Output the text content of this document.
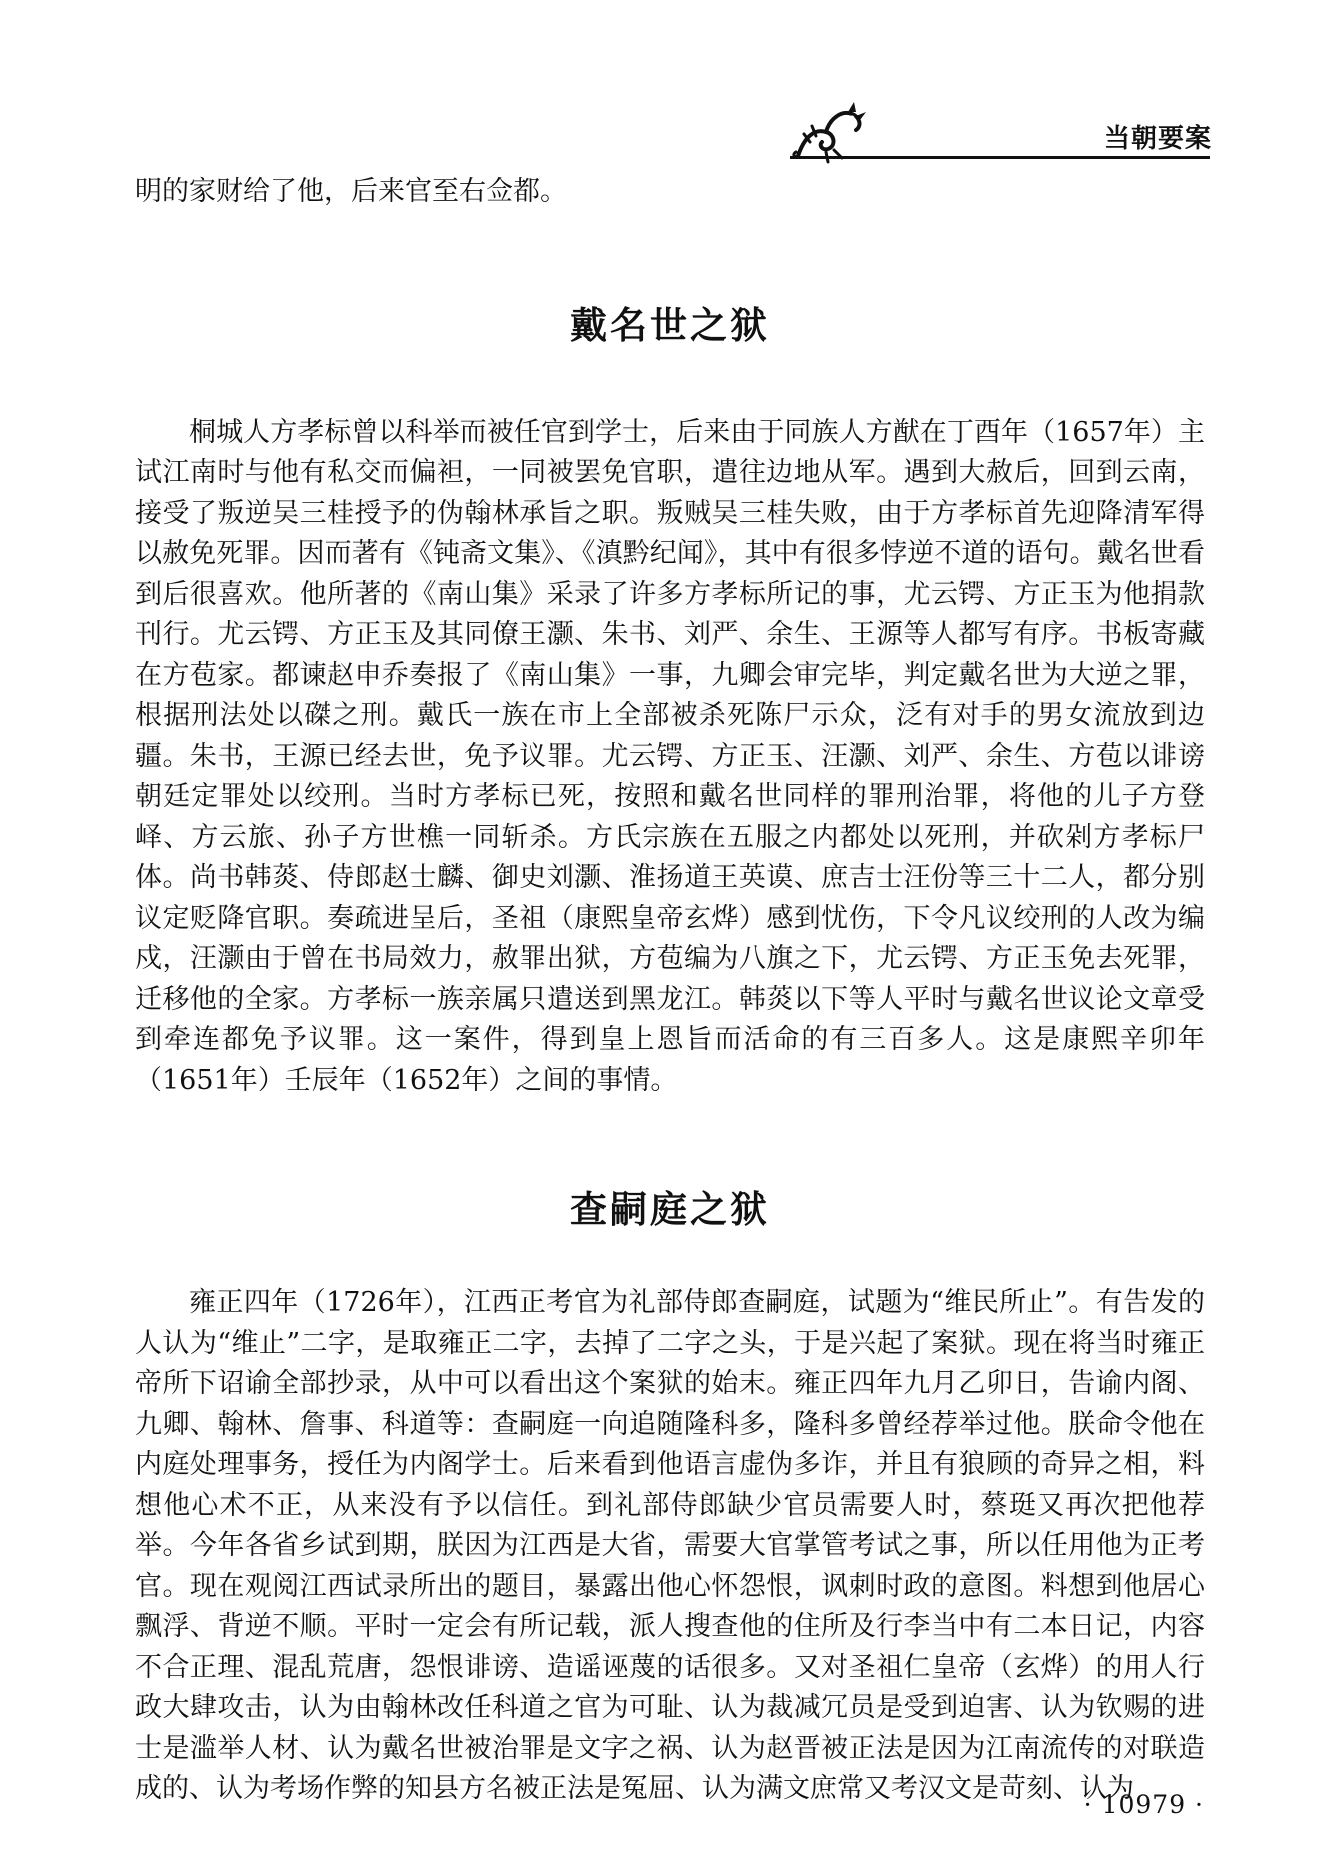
当朝要案

明的家财给了他，后来官至右佥都。

戴名世之狱

桐城人方孝标曾以科举而被任官到学士，后来由于同族人方猷在丁酉年（1657年）主试江南时与他有私交而偏袒，一同被罢免官职，遣往边地从军。遇到大赦后，回到云南，接受了叛逆吴三桂授予的伪翰林承旨之职。叛贼吴三桂失败，由于方孝标首先迎降清军得以赦免死罪。因而著有《钝斋文集》、《滇黔纪闻》，其中有很多悖逆不道的语句。戴名世看到后很喜欢。他所著的《南山集》采录了许多方孝标所记的事，尤云锷、方正玉为他捐款刊行。尤云锷、方正玉及其同僚王灏、朱书、刘严、余生、王源等人都写有序。书板寄藏在方苞家。都谏赵申乔奏报了《南山集》一事，九卿会审完毕，判定戴名世为大逆之罪，根据刑法处以磔之刑。戴氏一族在市上全部被杀死陈尸示众，泛有对手的男女流放到边疆。朱书，王源已经去世，免予议罪。尤云锷、方正玉、汪灏、刘严、余生、方苞以诽谤朝廷定罪处以绞刑。当时方孝标已死，按照和戴名世同样的罪刑治罪，将他的儿子方登峄、方云旅、孙子方世樵一同斩杀。方氏宗族在五服之内都处以死刑，并砍剁方孝标尸体。尚书韩菼、侍郎赵士麟、御史刘灏、淮扬道王英谟、庶吉士汪份等三十二人，都分别议定贬降官职。奏疏进呈后，圣祖（康熙皇帝玄烨）感到忧伤，下令凡议绞刑的人改为编戍，汪灏由于曾在书局效力，赦罪出狱，方苞编为八旗之下，尤云锷、方正玉免去死罪，迁移他的全家。方孝标一族亲属只遣送到黑龙江。韩菼以下等人平时与戴名世议论文章受到牵连都免予议罪。这一案件，得到皇上恩旨而活命的有三百多人。这是康熙辛卯年（1651年）壬辰年（1652年）之间的事情。

查嗣庭之狱

雍正四年（1726年），江西正考官为礼部侍郎查嗣庭，试题为“维民所止”。有告发的人认为“维止”二字，是取雍正二字，去掉了二字之头，于是兴起了案狱。现在将当时雍正帝所下诏谕全部抄录，从中可以看出这个案狱的始末。雍正四年九月乙卯日，告谕内阁、九卿、翰林、詹事、科道等：查嗣庭一向追随隆科多，隆科多曾经荐举过他。朕命令他在内庭处理事务，授任为内阁学士。后来看到他语言虚伪多诈，并且有狼顾的奇异之相，料想他心术不正，从来没有予以信任。到礼部侍郎缺少官员需要人时，蔡珽又再次把他荐举。今年各省乡试到期，朕因为江西是大省，需要大官掌管考试之事，所以任用他为正考官。现在观阅江西试录所出的题目，暴露出他心怀怨恨，讽刺时政的意图。料想到他居心飘浮、背逆不顺。平时一定会有所记载，派人搜查他的住所及行李当中有二本日记，内容不合正理、混乱荒唐，怨恨诽谤、造谣诬蔑的话很多。又对圣祖仁皇帝（玄烨）的用人行政大肆攻击，认为由翰林改任科道之官为可耻、认为裁减冗员是受到迫害、认为钦赐的进士是滥举人材、认为戴名世被治罪是文字之祸、认为赵晋被正法是因为江南流传的对联造成的、认为考场作弊的知县方名被正法是冤屈、认为满文庶常又考汉文是苛刻、认为

· 10979 ·
